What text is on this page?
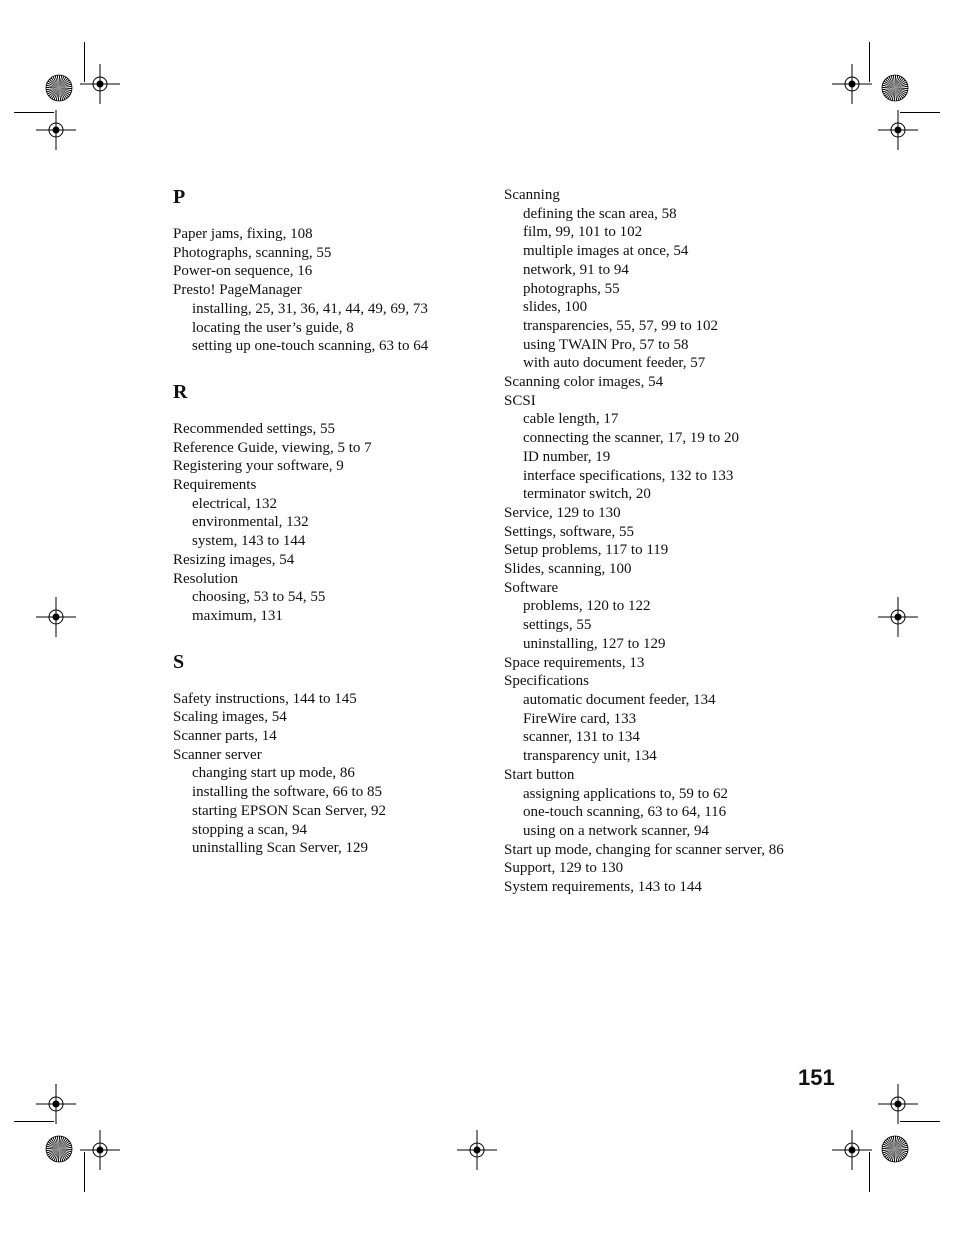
P
Paper jams, fixing, 108
Photographs, scanning, 55
Power-on sequence, 16
Presto! PageManager
installing, 25, 31, 36, 41, 44, 49, 69, 73
locating the user’s guide, 8
setting up one-touch scanning, 63 to 64
R
Recommended settings, 55
Reference Guide, viewing, 5 to 7
Registering your software, 9
Requirements
electrical, 132
environmental, 132
system, 143 to 144
Resizing images, 54
Resolution
choosing, 53 to 54, 55
maximum, 131
S
Safety instructions, 144 to 145
Scaling images, 54
Scanner parts, 14
Scanner server
changing start up mode, 86
installing the software, 66 to 85
starting EPSON Scan Server, 92
stopping a scan, 94
uninstalling Scan Server, 129
Scanning
defining the scan area, 58
film, 99, 101 to 102
multiple images at once, 54
network, 91 to 94
photographs, 55
slides, 100
transparencies, 55, 57, 99 to 102
using TWAIN Pro, 57 to 58
with auto document feeder, 57
Scanning color images, 54
SCSI
cable length, 17
connecting the scanner, 17, 19 to 20
ID number, 19
interface specifications, 132 to 133
terminator switch, 20
Service, 129 to 130
Settings, software, 55
Setup problems, 117 to 119
Slides, scanning, 100
Software
problems, 120 to 122
settings, 55
uninstalling, 127 to 129
Space requirements, 13
Specifications
automatic document feeder, 134
FireWire card, 133
scanner, 131 to 134
transparency unit, 134
Start button
assigning applications to, 59 to 62
one-touch scanning, 63 to 64, 116
using on a network scanner, 94
Start up mode, changing for scanner server, 86
Support, 129 to 130
System requirements, 143 to 144
151
